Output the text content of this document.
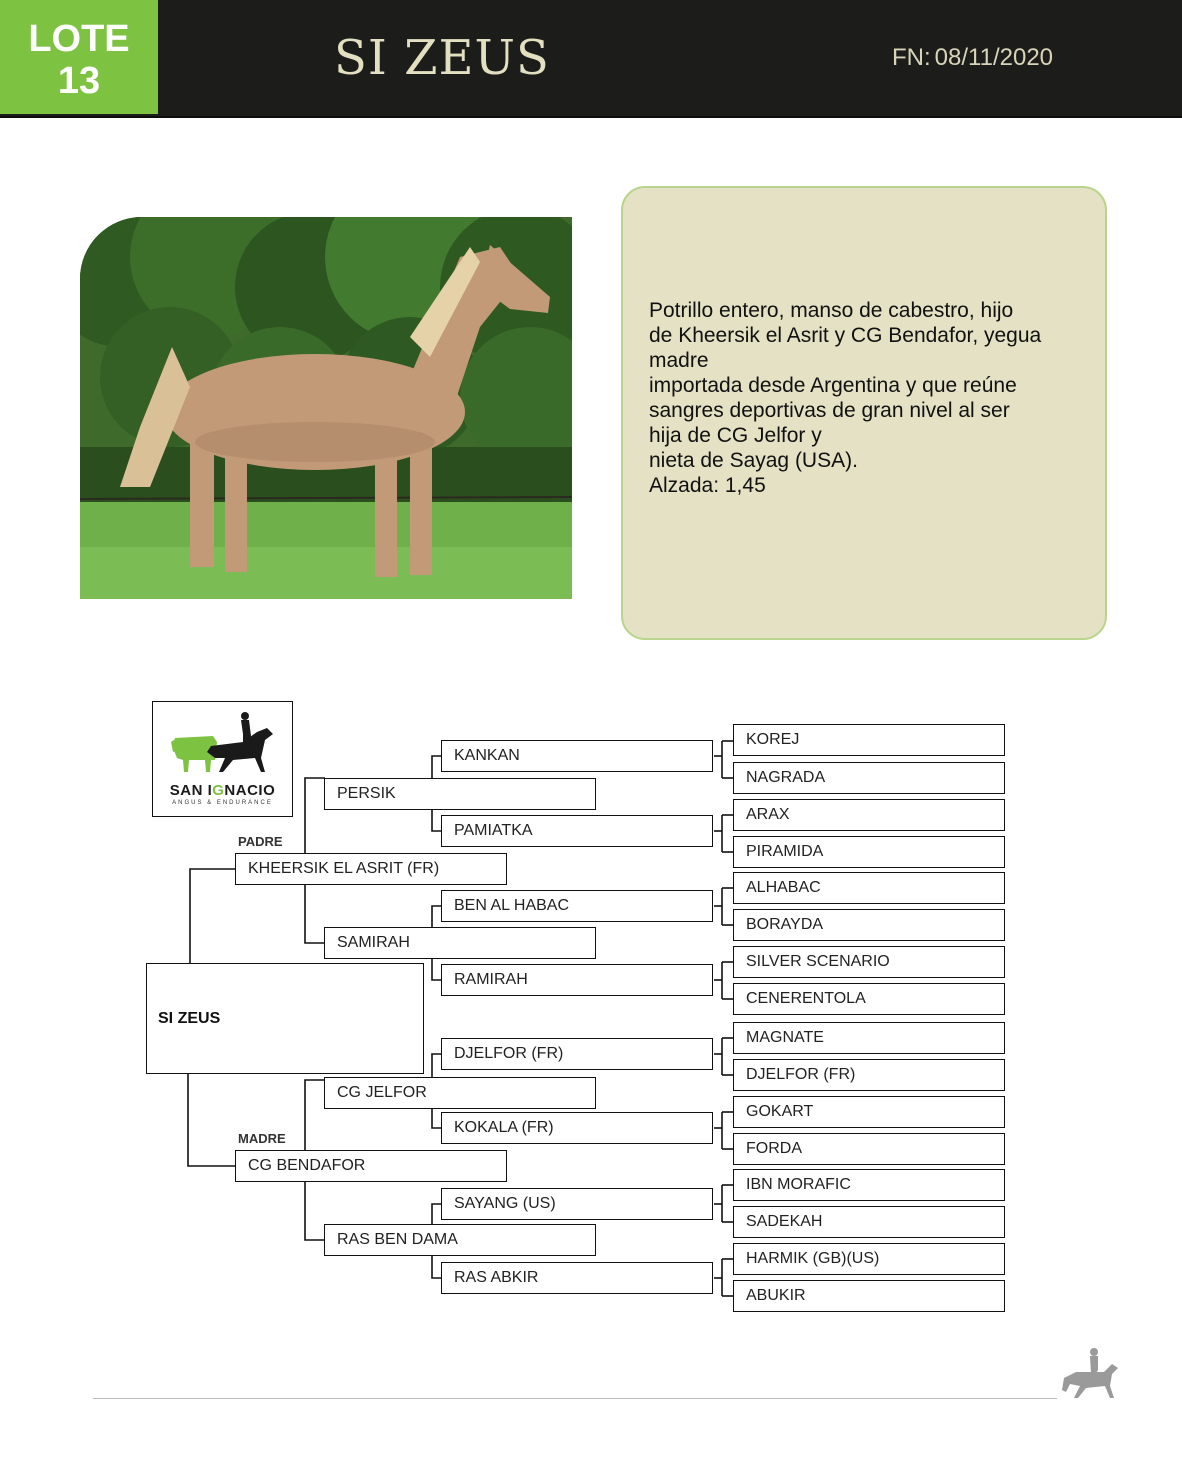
LOTE
13	SI ZEUS	FN: 08/11/2020
Potrillo entero, manso de cabestro, hijo
de Kheersik el Asrit y CG Bendafor, yegua
madre
importada desde Argentina y que reúne
sangres deportivas de gran nivel al ser
hija de CG Jelfor y
nieta de Sayag (USA).
Alzada: 1,45
SAN IGNACIO
ANGUS & ENDURANCE
PADRE
MADRE
SI ZEUS
KHEERSIK EL ASRIT (FR)
CG BENDAFOR
PERSIK
SAMIRAH
CG JELFOR
RAS BEN DAMA
KANKAN
PAMIATKA
BEN AL HABAC
RAMIRAH
DJELFOR (FR)
KOKALA (FR)
SAYANG (US)
RAS ABKIR
KOREJ
NAGRADA
ARAX
PIRAMIDA
ALHABAC
BORAYDA
SILVER SCENARIO
CENERENTOLA
MAGNATE
DJELFOR (FR)
GOKART
FORDA
IBN MORAFIC
SADEKAH
HARMIK (GB)(US)
ABUKIR
